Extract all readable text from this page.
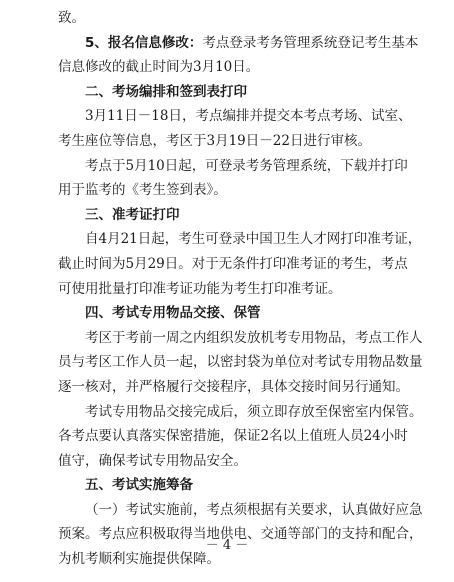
致。
5、报名信息修改：考点登录考务管理系统登记考生基本
信息修改的截止时间为3月10日。
二、考场编排和签到表打印
3月11日－18日，考点编排并提交本考点考场、试室、
考生座位等信息，考区于3月19日－22日进行审核。
考点于5月10日起，可登录考务管理系统，下载并打印
用于监考的《考生签到表》。
三、准考证打印
自4月21日起，考生可登录中国卫生人才网打印准考证，
截止时间为5月29日。对于无条件打印准考证的考生，考点
可使用批量打印准考证功能为考生打印准考证。
四、考试专用物品交接、保管
考区于考前一周之内组织发放机考专用物品，考点工作人
员与考区工作人员一起，以密封袋为单位对考试专用物品数量
逐一核对，并严格履行交接程序，具体交接时间另行通知。
考试专用物品交接完成后，须立即存放至保密室内保管。
各考点要认真落实保密措施，保证2名以上值班人员24小时
值守，确保考试专用物品安全。
五、考试实施筹备
（一）考试实施前，考点须根据有关要求，认真做好应急
预案。考点应积极取得当地供电、交通等部门的支持和配合，
为机考顺利实施提供保障。
－ 4 －
